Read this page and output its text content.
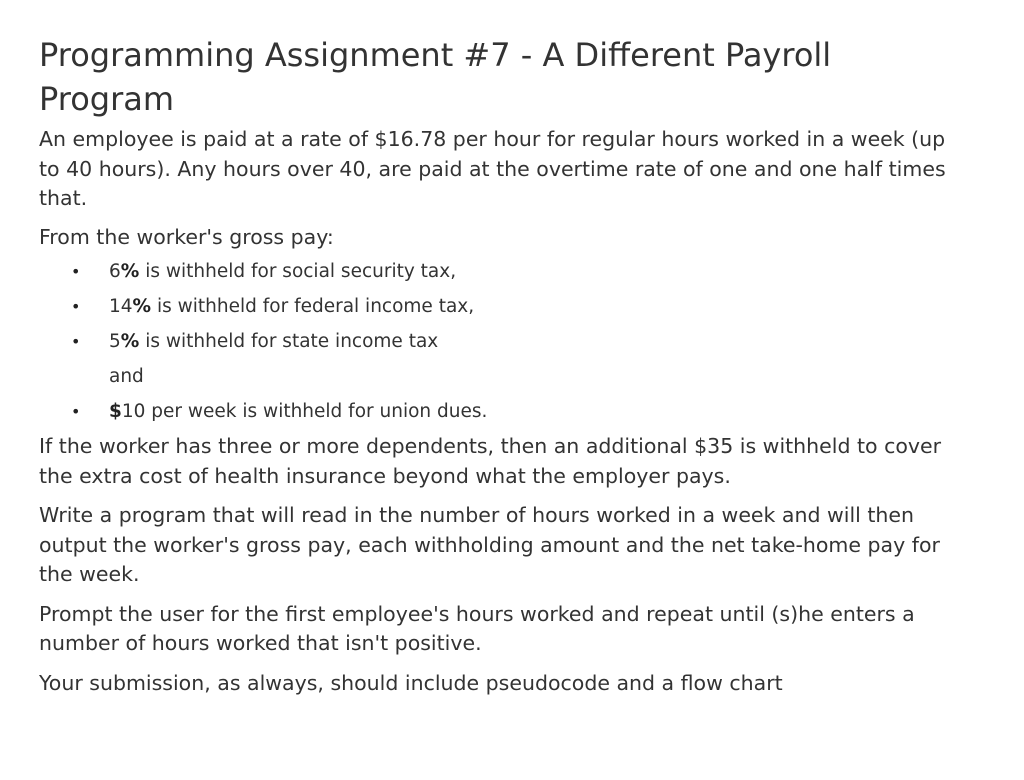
Programming Assignment #7 - A Different Payroll
Program

An employee is paid at a rate of $16.78 per hour for regular hours worked in a week (up to 40 hours). Any hours over 40, are paid at the overtime rate of one and one half times that.

From the worker's gross pay:

• 6% is withheld for social security tax,
• 14% is withheld for federal income tax,
• 5% is withheld for state income tax
and
• $10 per week is withheld for union dues.

If the worker has three or more dependents, then an additional $35 is withheld to cover the extra cost of health insurance beyond what the employer pays.

Write a program that will read in the number of hours worked in a week and will then output the worker's gross pay, each withholding amount and the net take-home pay for the week.

Prompt the user for the first employee's hours worked and repeat until (s)he enters a number of hours worked that isn't positive.

Your submission, as always, should include pseudocode and a flow chart
